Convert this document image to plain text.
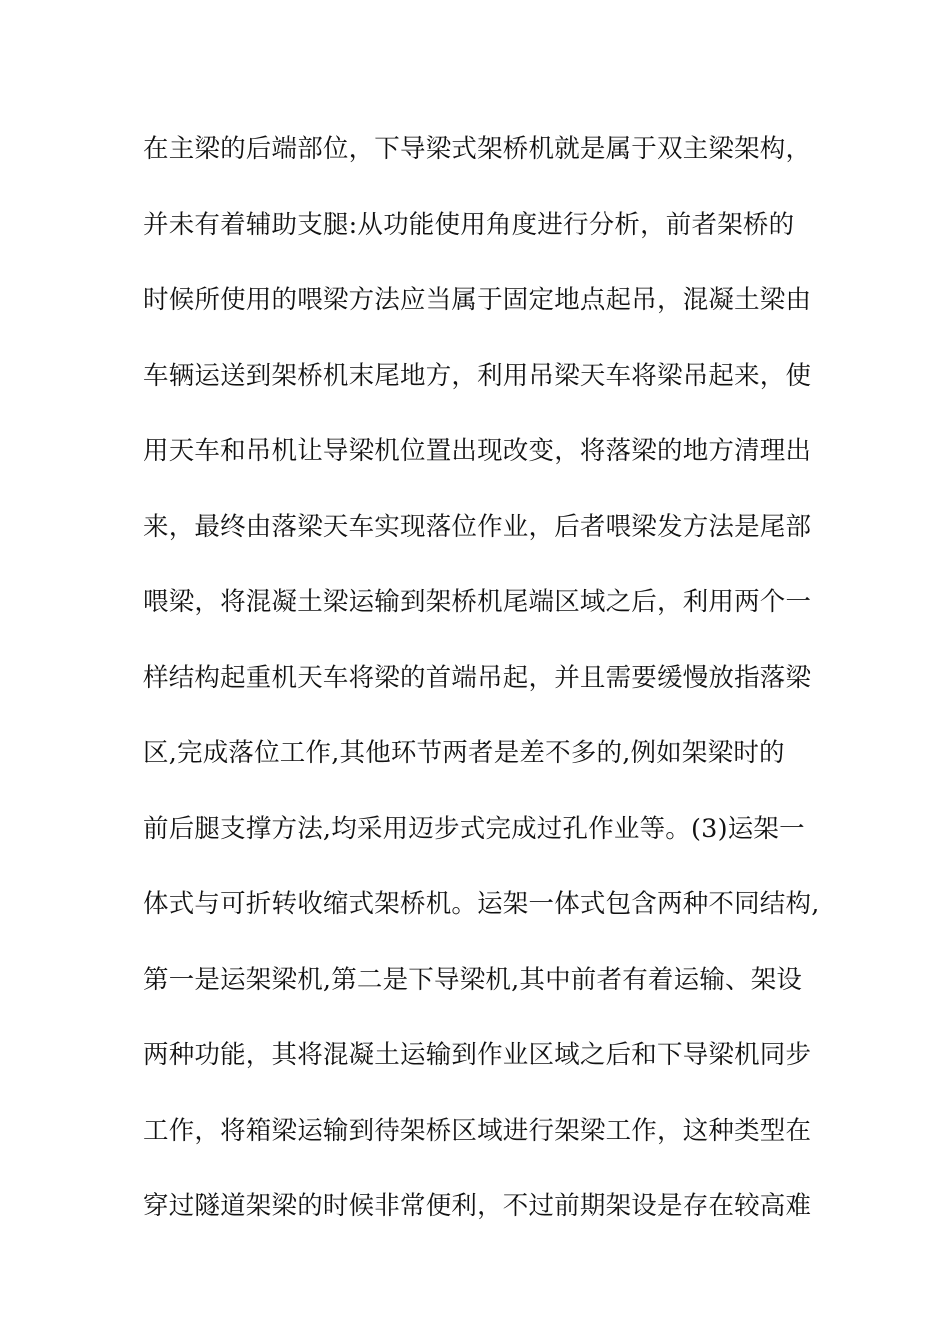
在主梁的后端部位，下导梁式架桥机就是属于双主梁架构，
并未有着辅助支腿:从功能使用角度进行分析，前者架桥的
时候所使用的喂梁方法应当属于固定地点起吊，混凝土梁由
车辆运送到架桥机末尾地方，利用吊梁天车将梁吊起来，使
用天车和吊机让导梁机位置出现改变，将落梁的地方清理出
来，最终由落梁天车实现落位作业，后者喂梁发方法是尾部
喂梁，将混凝土梁运输到架桥机尾端区域之后，利用两个一
样结构起重机天车将梁的首端吊起，并且需要缓慢放指落梁
区,完成落位工作,其他环节两者是差不多的,例如架梁时的
前后腿支撑方法,均采用迈步式完成过孔作业等。(3)运架一
体式与可折转收缩式架桥机。运架一体式包含两种不同结构,
第一是运架梁机,第二是下导梁机,其中前者有着运输、架设
两种功能，其将混凝土运输到作业区域之后和下导梁机同步
工作，将箱梁运输到待架桥区域进行架梁工作，这种类型在
穿过隧道架梁的时候非常便利，不过前期架设是存在较高难
